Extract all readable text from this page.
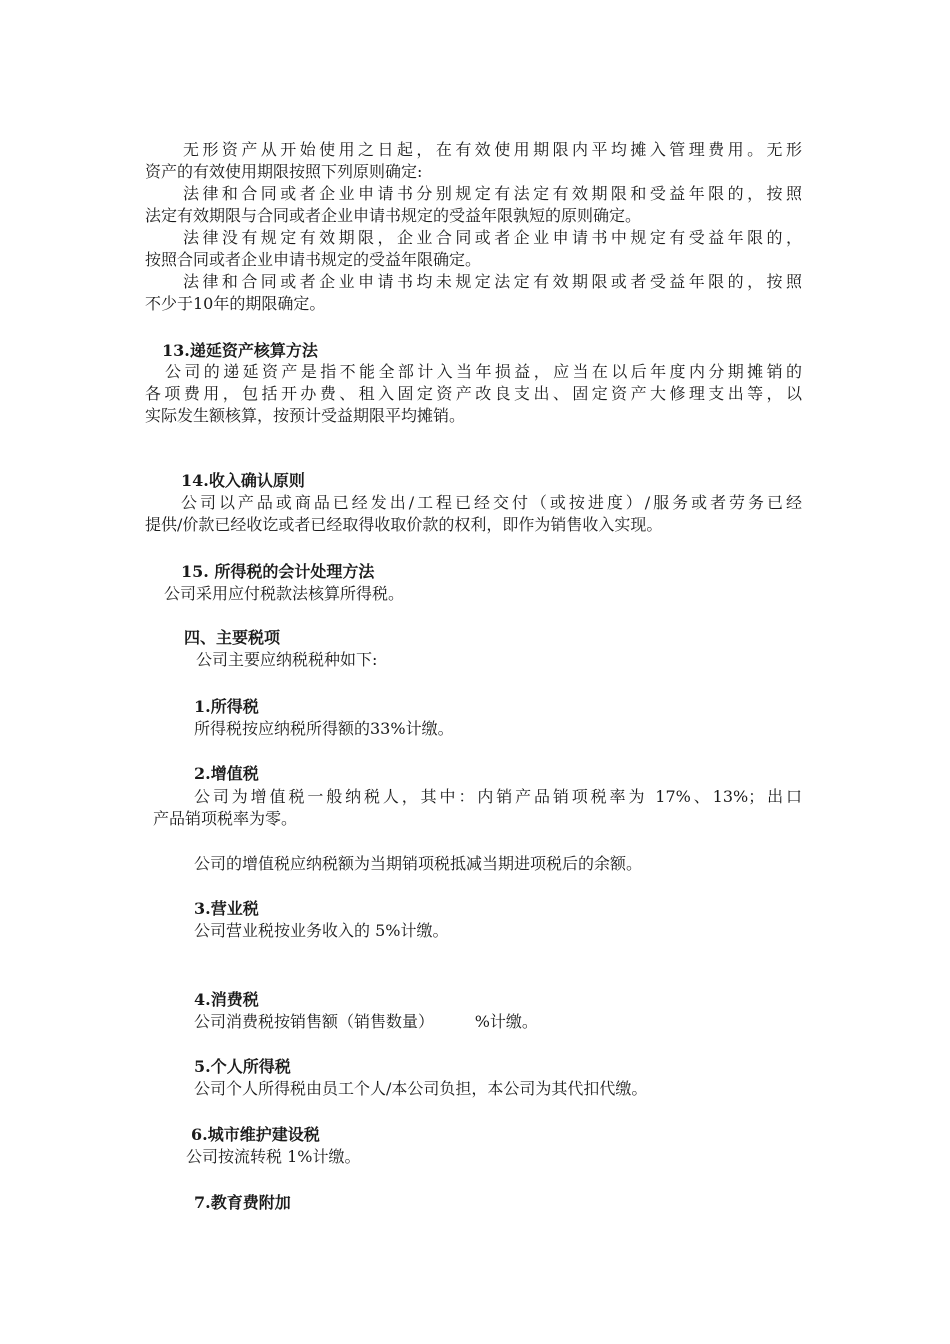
无形资产从开始使用之日起，在有效使用期限内平均摊入管理费用。无形

资产的有效使用期限按照下列原则确定:

法律和合同或者企业申请书分别规定有法定有效期限和受益年限的，按照

法定有效期限与合同或者企业申请书规定的受益年限孰短的原则确定。

法律没有规定有效期限，企业合同或者企业申请书中规定有受益年限的，

按照合同或者企业申请书规定的受益年限确定。

法律和合同或者企业申请书均未规定法定有效期限或者受益年限的，按照

不少于10年的期限确定。

13.递延资产核算方法

公司的递延资产是指不能全部计入当年损益，应当在以后年度内分期摊销的

各项费用，包括开办费、租入固定资产改良支出、固定资产大修理支出等，以

实际发生额核算，按预计受益期限平均摊销。

14.收入确认原则

公司以产品或商品已经发出/工程已经交付（或按进度）/服务或者劳务已经

提供/价款已经收讫或者已经取得收取价款的权利，即作为销售收入实现。

15. 所得税的会计处理方法

公司采用应付税款法核算所得税。

四、主要税项

公司主要应纳税税种如下:

1.所得税

所得税按应纳税所得额的33%计缴。

2.增值税

公司为增值税一般纳税人，其中：内销产品销项税率为 17%、13%；出口

产品销项税率为零。

公司的增值税应纳税额为当期销项税抵减当期进项税后的余额。

3.营业税

公司营业税按业务收入的 5%计缴。

4.消费税

公司消费税按销售额（销售数量）        %计缴。

5.个人所得税

公司个人所得税由员工个人/本公司负担，本公司为其代扣代缴。

6.城市维护建设税

公司按流转税 1%计缴。

7.教育费附加
